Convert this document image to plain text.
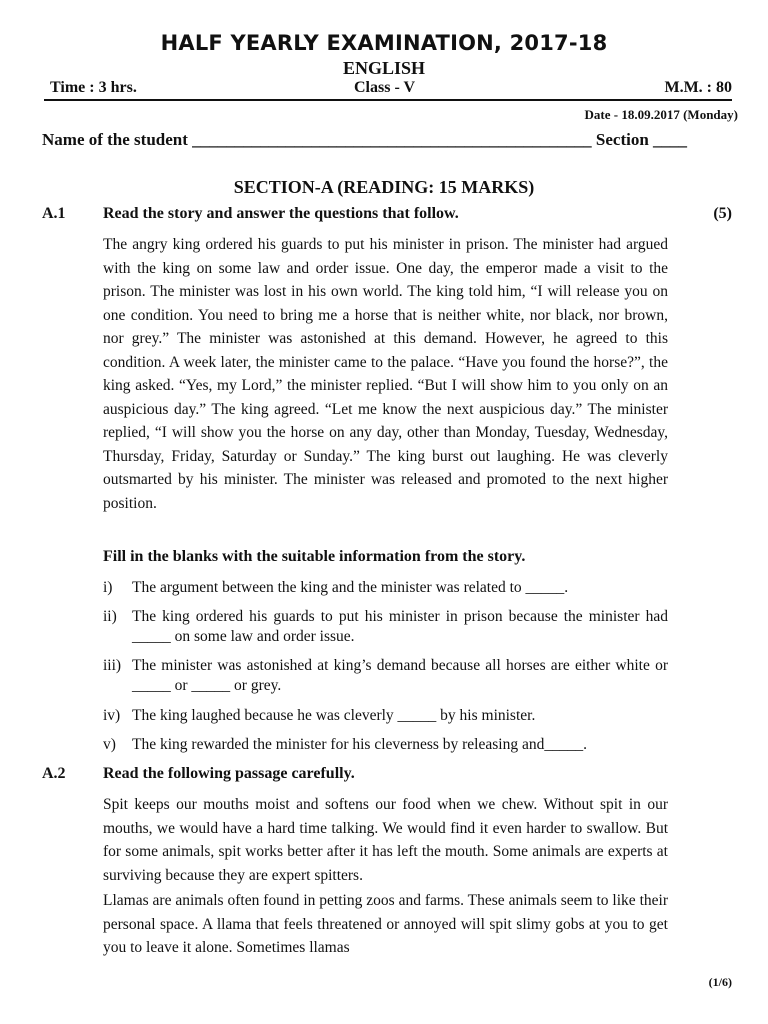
HALF YEARLY EXAMINATION, 2017-18
ENGLISH
Time : 3 hrs.	Class - V	M.M. : 80
Date - 18.09.2017 (Monday)
Name of the student _______________________________________________ Section ____
SECTION-A (READING: 15 MARKS)
A.1 Read the story and answer the questions that follow.	(5)

The angry king ordered his guards to put his minister in prison. The minister had argued with the king on some law and order issue. One day, the emperor made a visit to the prison. The minister was lost in his own world. The king told him, “I will release you on one condition. You need to bring me a horse that is neither white, nor black, nor brown, nor grey.” The minister was astonished at this demand. However, he agreed to this condition. A week later, the minister came to the palace. “Have you found the horse?”, the king asked. “Yes, my Lord,” the minister replied. “But I will show him to you only on an auspicious day.” The king agreed. “Let me know the next auspicious day.” The minister replied, “I will show you the horse on any day, other than Monday, Tuesday, Wednesday, Thursday, Friday, Saturday or Sunday.” The king burst out laughing. He was cleverly outsmarted by his minister. The minister was released and promoted to the next higher position.

Fill in the blanks with the suitable information from the story.
i) The argument between the king and the minister was related to _____.
ii) The king ordered his guards to put his minister in prison because the minister had _____ on some law and order issue.
iii) The minister was astonished at king’s demand because all horses are either white or _____ or _____ or grey.
iv) The king laughed because he was cleverly _____ by his minister.
v) The king rewarded the minister for his cleverness by releasing and_____.
A.2 Read the following passage carefully.

Spit keeps our mouths moist and softens our food when we chew. Without spit in our mouths, we would have a hard time talking. We would find it even harder to swallow. But for some animals, spit works better after it has left the mouth. Some animals are experts at surviving because they are expert spitters.

Llamas are animals often found in petting zoos and farms. These animals seem to like their personal space. A llama that feels threatened or annoyed will spit slimy gobs at you to get you to leave it alone. Sometimes llamas

(1/6)
